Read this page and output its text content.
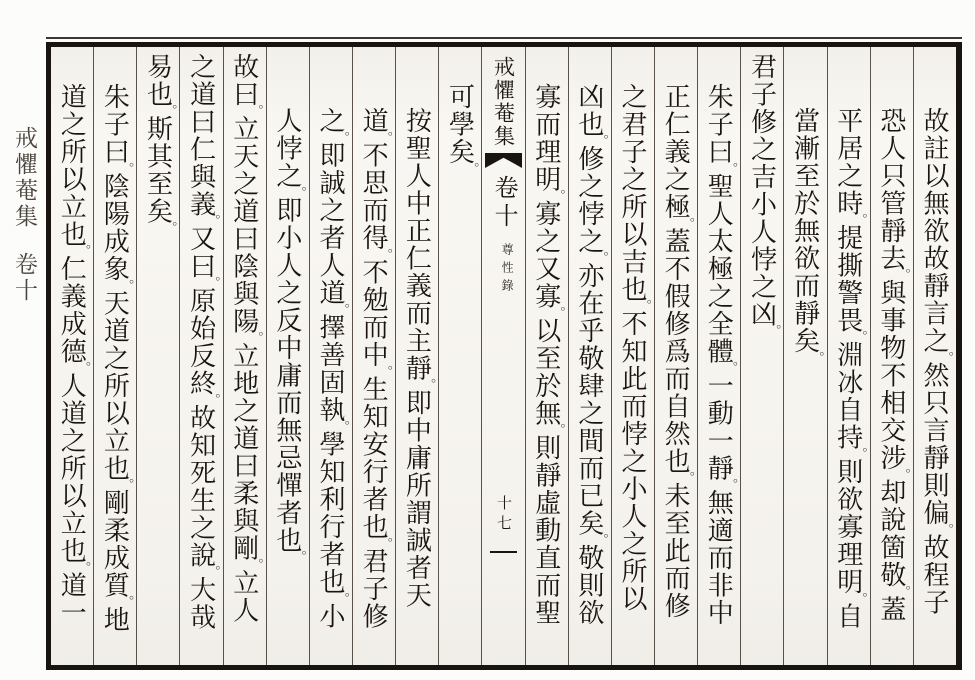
戒懼菴集卷十
故註以無欲故靜言之。然只言靜則偏。故程子
恐人只管靜去。與事物不相交涉。却說箇敬。蓋
平居之時。提撕警畏。淵冰自持。則欲寡理明。自
當漸至於無欲而靜矣。
君子修之吉小人悖之凶。
朱子曰。聖人太極之全體。一動一靜。無適而非中
正仁義之極。蓋不假修爲而自然也。未至此而修
之君子之所以吉也。不知此而悖之小人之所以
凶也。修之悖之。亦在乎敬肆之間而已矣。敬則欲
寡而理明。寡之又寡。以至於無。則靜虛動直而聖
戒懼菴集
卷十
尊性錄
十七
可學矣。
按聖人中正仁義而主靜。即中庸所謂誠者天
道。不思而得。不勉而中。生知安行者也。君子修
之。即誠之者人道。擇善固執。學知利行者也。小
人悖之。即小人之反中庸而無忌憚者也。
故曰。立天之道曰陰與陽。立地之道曰柔與剛。立人
之道曰仁與義。又曰。原始反終。故知死生之說。大哉
易也。斯其至矣。
朱子曰。陰陽成象。天道之所以立也。剛柔成質。地
道之所以立也。仁義成德。人道之所以立也。道一
